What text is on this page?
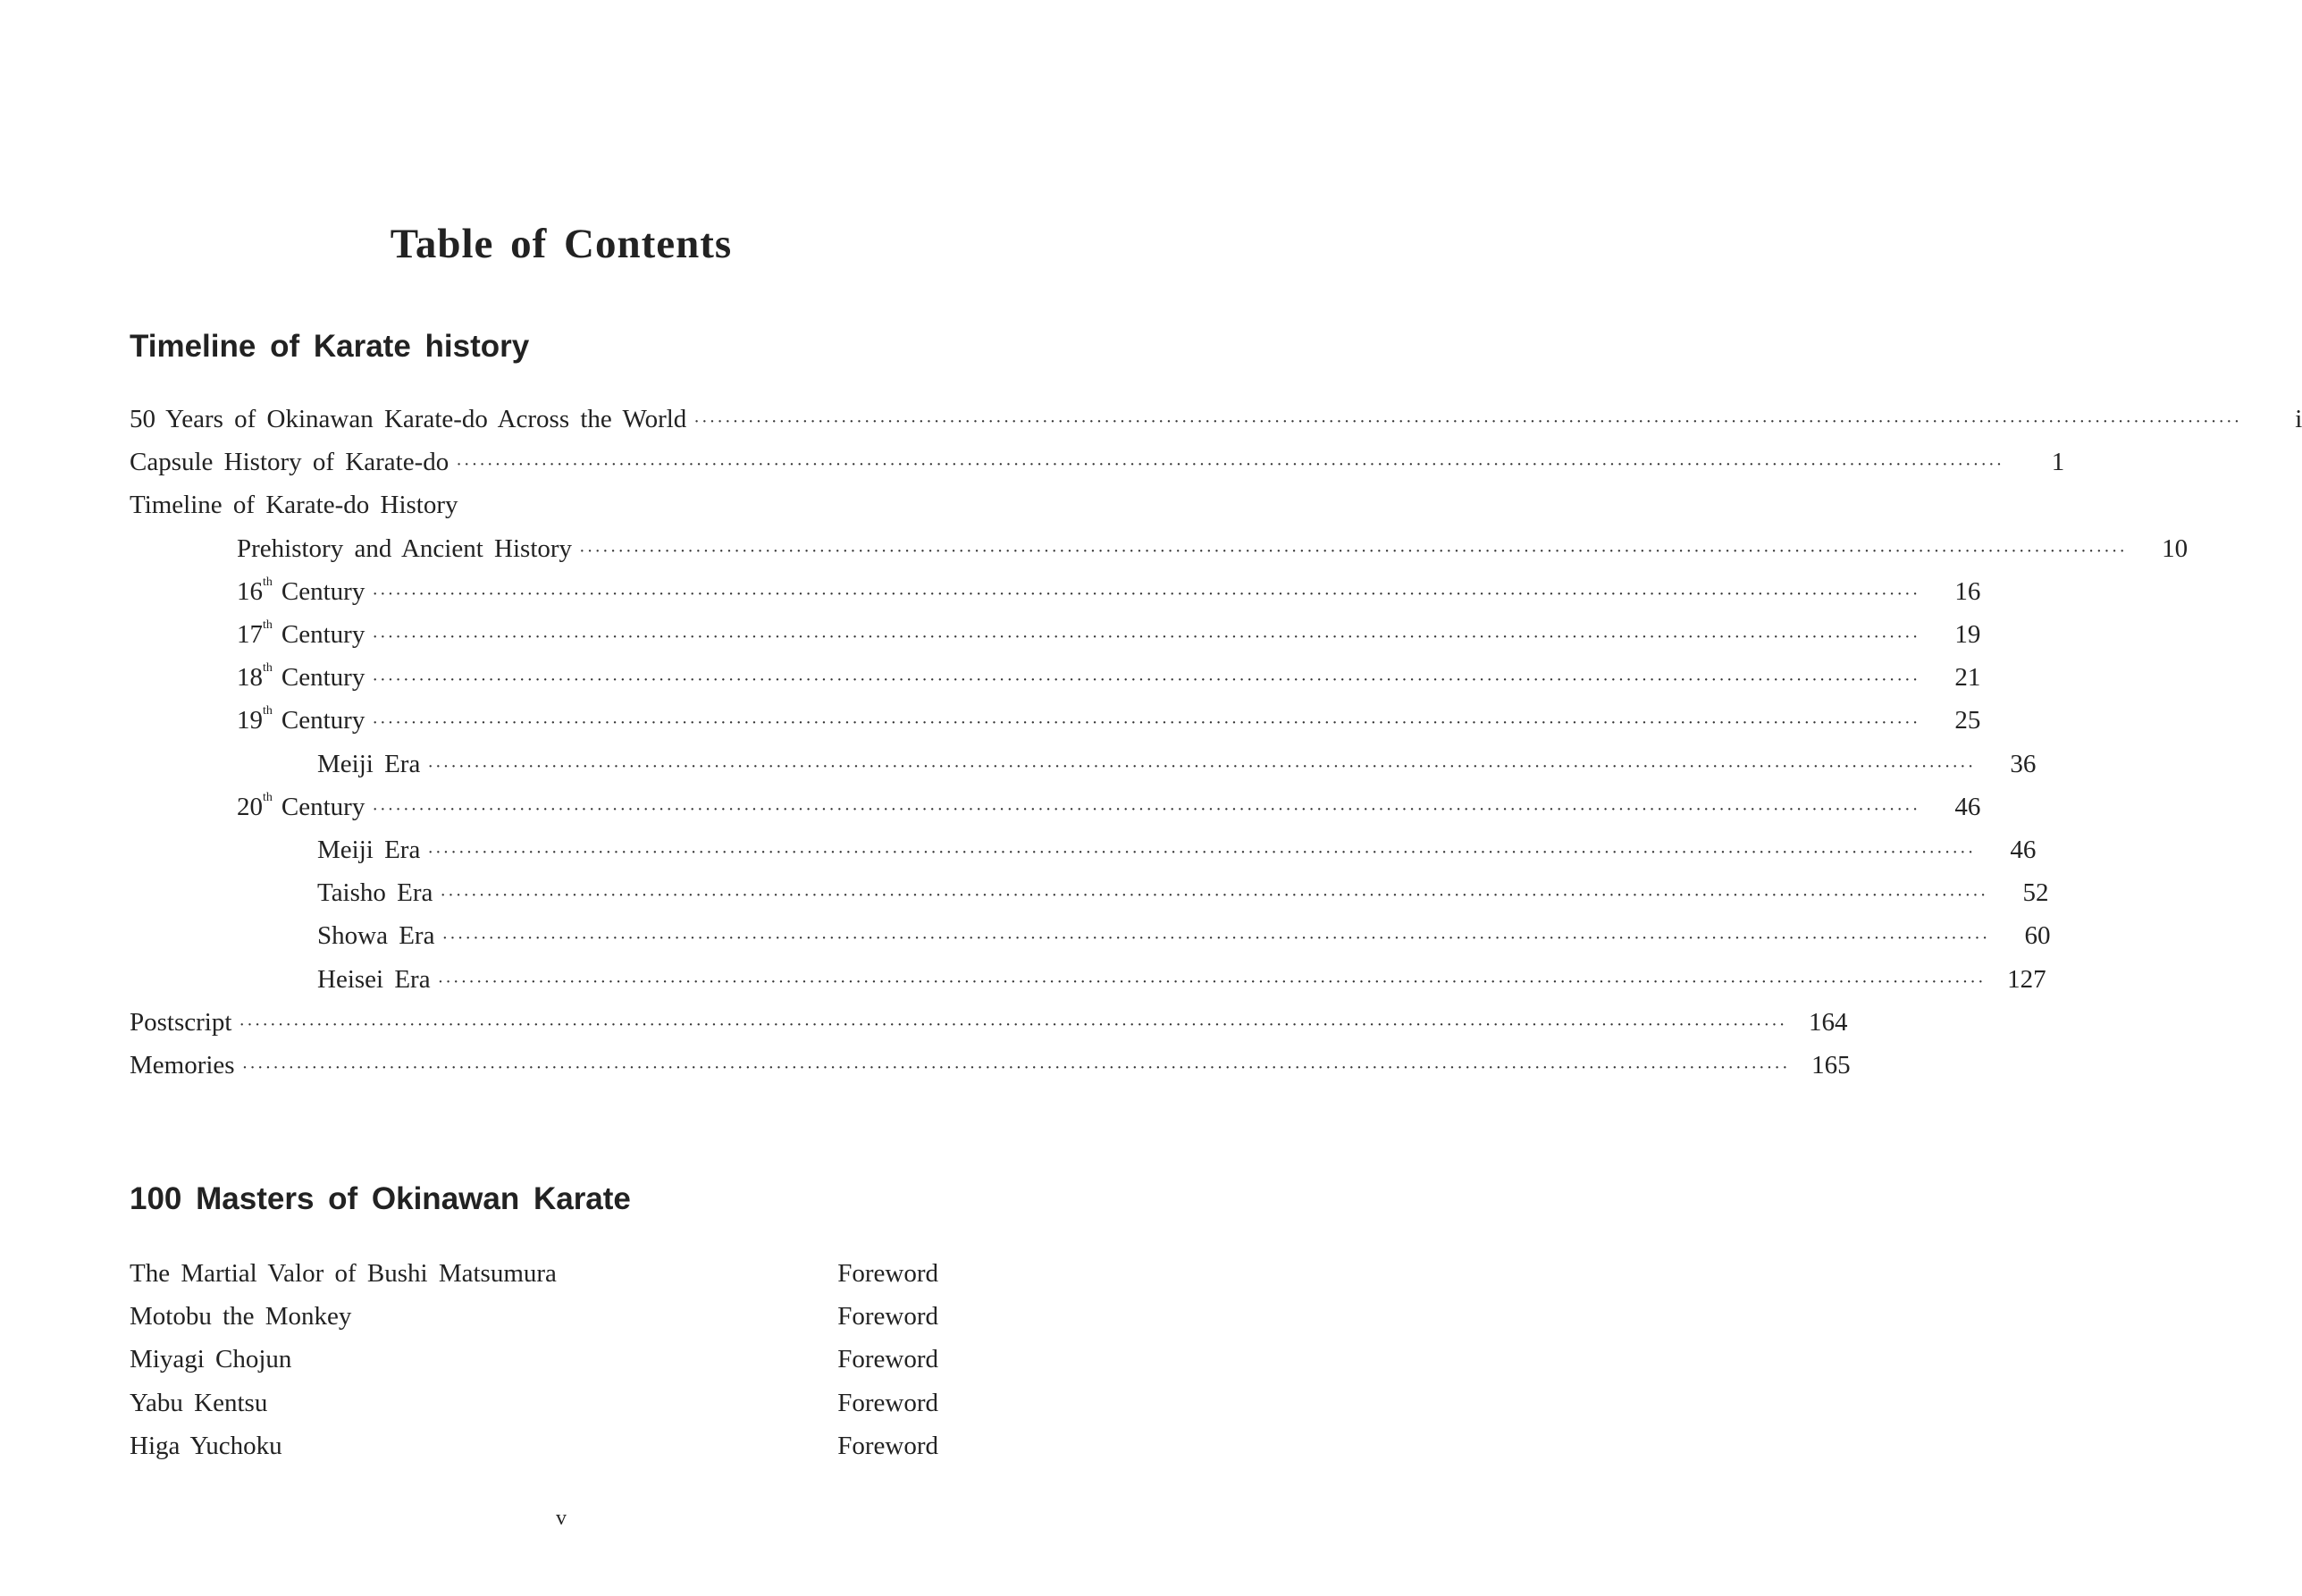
Table of Contents
Timeline of Karate history
50 Years of Okinawan Karate-do Across the World ········································································································································································································	i
Capsule History of Karate-do ········································································································································································································	1
Timeline of Karate-do History
Prehistory and Ancient History ········································································································································································································	10
16th Century ········································································································································································································	16
17th Century ········································································································································································································	19
18th Century ········································································································································································································	21
19th Century ········································································································································································································	25
Meiji Era ········································································································································································································	36
20th Century ········································································································································································································	46
Meiji Era ········································································································································································································	46
Taisho Era ········································································································································································································	52
Showa Era ········································································································································································································	60
Heisei Era ········································································································································································································ 127
Postscript ········································································································································································································ 164
Memories ········································································································································································································ 165
100 Masters of Okinawan Karate
The Martial Valor of Bushi Matsumura	Foreword
Motobu the Monkey	Foreword
Miyagi Chojun	Foreword
Yabu Kentsu	Foreword
Higa Yuchoku	Foreword
v
